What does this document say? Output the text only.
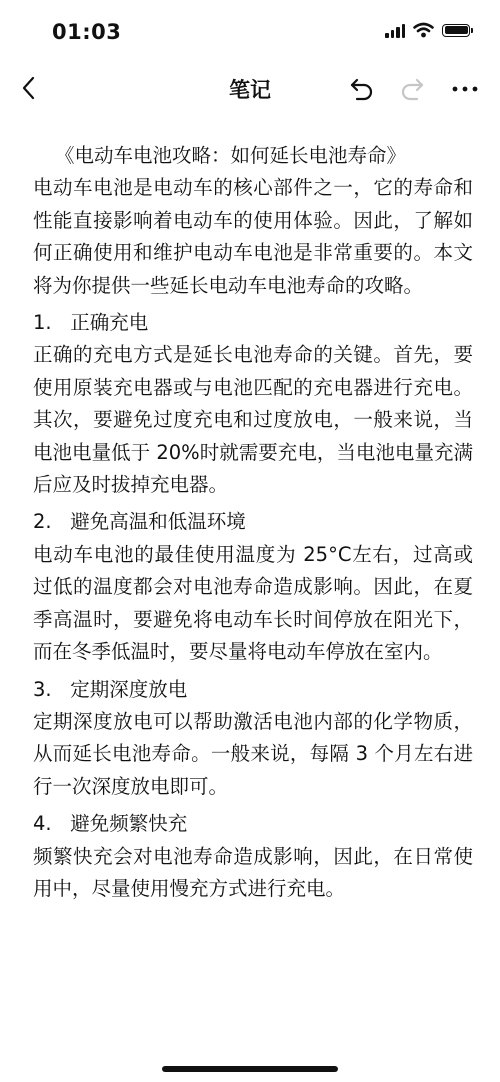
01:03
笔记

《电动车电池攻略：如何延长电池寿命》

电动车电池是电动车的核心部件之一，它的寿命和性能直接影响着电动车的使用体验。因此，了解如何正确使用和维护电动车电池是非常重要的。本文将为你提供一些延长电动车电池寿命的攻略。

1.   正确充电

正确的充电方式是延长电池寿命的关键。首先，要使用原装充电器或与电池匹配的充电器进行充电。其次，要避免过度充电和过度放电，一般来说，当电池电量低于 20%时就需要充电，当电池电量充满后应及时拔掉充电器。

2.   避免高温和低温环境

电动车电池的最佳使用温度为 25°C左右，过高或过低的温度都会对电池寿命造成影响。因此，在夏季高温时，要避免将电动车长时间停放在阳光下，而在冬季低温时，要尽量将电动车停放在室内。

3.   定期深度放电

定期深度放电可以帮助激活电池内部的化学物质，从而延长电池寿命。一般来说，每隔 3 个月左右进行一次深度放电即可。

4.   避免频繁快充

频繁快充会对电池寿命造成影响，因此，在日常使用中，尽量使用慢充方式进行充电。
